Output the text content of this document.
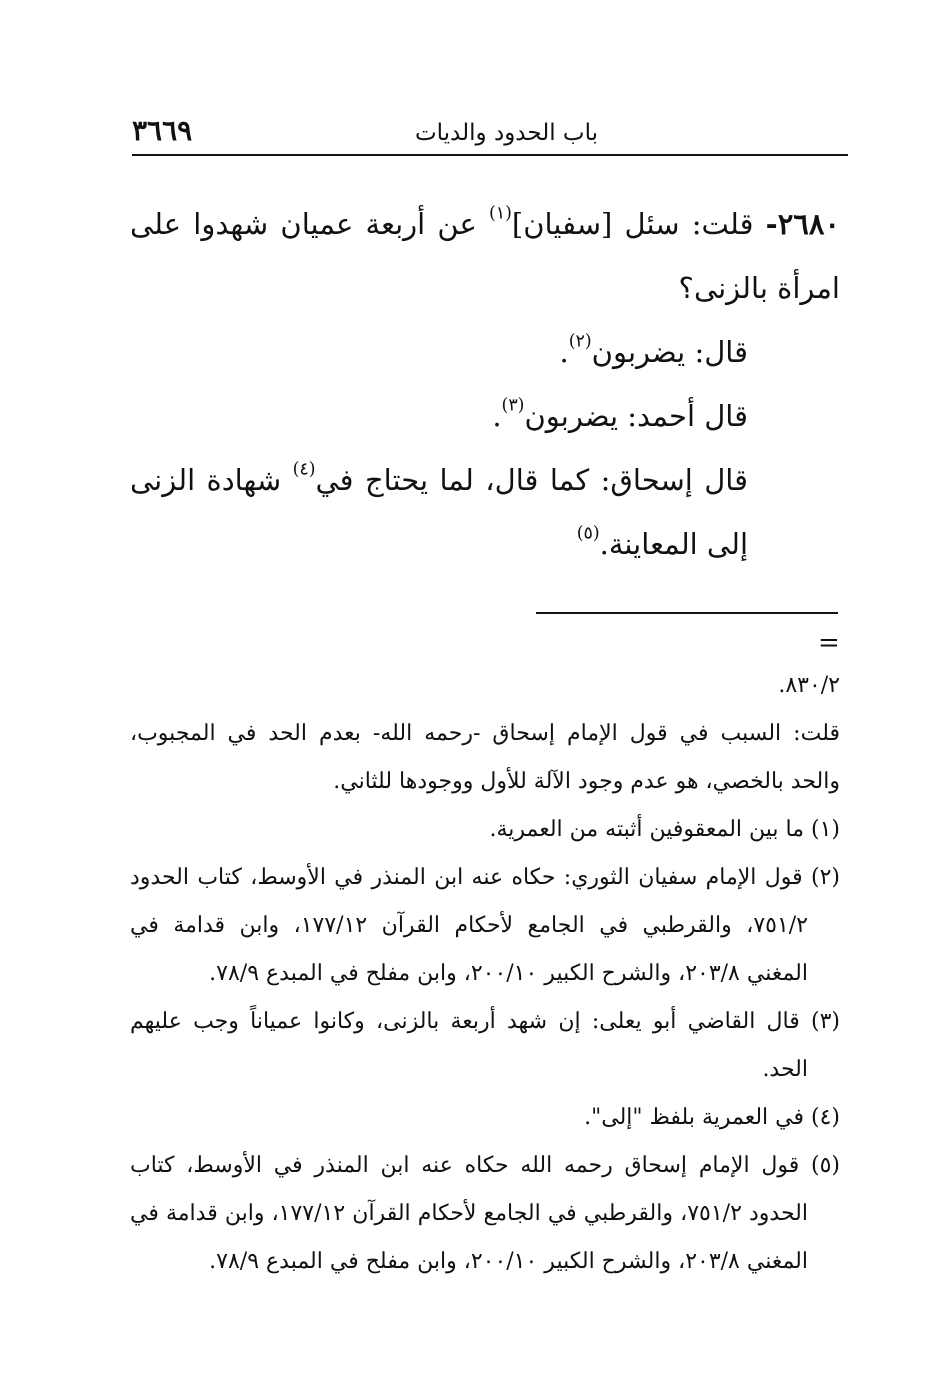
باب الحدود والديات
٣٦٦٩

٢٦٨٠- قلت: سئل [سفيان]$^{(١)}$ عن أربعة عميان شهدوا على امرأة بالزنى؟

قال: يضربون$^{(٢)}$.

قال أحمد: يضربون$^{(٣)}$.

قال إسحاق: كما قال، لما يحتاج في$^{(٤)}$ شهادة الزنى إلى المعاينة.$^{(٥)}$

=

٨٣٠/٢.

قلت: السبب في قول الإمام إسحاق -رحمه الله- بعدم الحد في المجبوب، والحد بالخصي، هو عدم وجود الآلة للأول ووجودها للثاني.

(١) ما بين المعقوفين أثبته من العمرية.

(٢) قول الإمام سفيان الثوري: حكاه عنه ابن المنذر في الأوسط، كتاب الحدود ٧٥١/٢، والقرطبي في الجامع لأحكام القرآن ١٧٧/١٢، وابن قدامة في المغني ٢٠٣/٨، والشرح الكبير ٢٠٠/١٠، وابن مفلح في المبدع ٧٨/٩.

(٣) قال القاضي أبو يعلى: إن شهد أربعة بالزنى، وكانوا عمياناً وجب عليهم الحد.

(٤) في العمرية بلفظ "إلى".

(٥) قول الإمام إسحاق رحمه الله حكاه عنه ابن المنذر في الأوسط، كتاب الحدود ٧٥١/٢، والقرطبي في الجامع لأحكام القرآن ١٧٧/١٢، وابن قدامة في المغني ٢٠٣/٨، والشرح الكبير ٢٠٠/١٠، وابن مفلح في المبدع ٧٨/٩.
